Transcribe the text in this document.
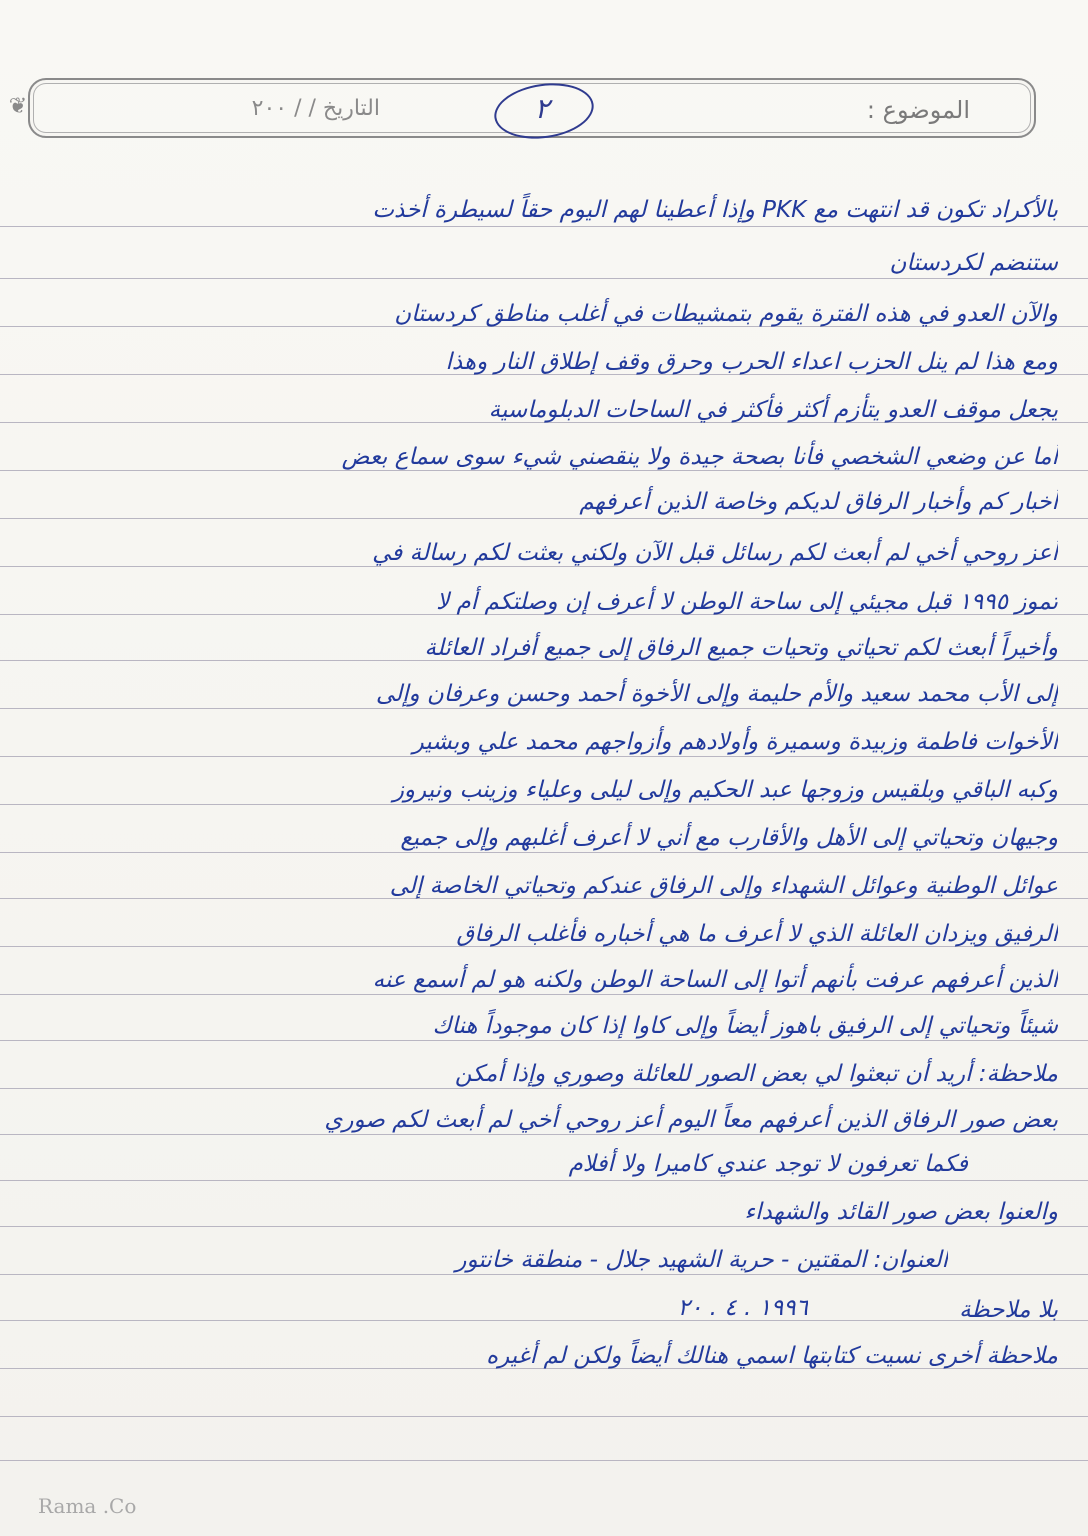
❦	الموضوع :
التاريخ / / ٢٠٠	٢
بالأكراد تكون قد انتهت مع PKK وإذا أعطينا لهم اليوم حقاً لسيطرة أخذت
ستنضم لكردستان
والآن العدو في هذه الفترة يقوم بتمشيطات في أغلب مناطق كردستان
ومع هذا لم ينل الحزب اعداء الحرب وحرق وقف إطلاق النار وهذا
يجعل موقف العدو يتأزم أكثر فأكثر في الساحات الدبلوماسية
أما عن وضعي الشخصي فأنا بصحة جيدة ولا ينقصني شيء سوى سماع بعض
أخبار كم وأخبار الرفاق لديكم وخاصة الذين أعرفهم
أعز روحي أخي لم أبعث لكم رسائل قبل الآن ولكني بعثت لكم رسالة في
تموز ١٩٩٥ قبل مجيئي إلى ساحة الوطن لا أعرف إن وصلتكم أم لا
وأخيراً أبعث لكم تحياتي وتحيات جميع الرفاق إلى جميع أفراد العائلة
إلى الأب محمد سعيد والأم حليمة وإلى الأخوة أحمد وحسن وعرفان وإلى
الأخوات فاطمة وزبيدة وسميرة وأولادهم وأزواجهم محمد علي وبشير
وكبه الباقي وبلقيس وزوجها عبد الحكيم وإلى ليلى وعلياء وزينب ونيروز
وجيهان وتحياتي إلى الأهل والأقارب مع أني لا أعرف أغلبهم وإلى جميع
عوائل الوطنية وعوائل الشهداء وإلى الرفاق عندكم وتحياتي الخاصة إلى
الرفيق ويزدان العائلة الذي لا أعرف ما هي أخباره فأغلب الرفاق
الذين أعرفهم عرفت بأنهم أتوا إلى الساحة الوطن ولكنه هو لم أسمع عنه
شيئاً وتحياتي إلى الرفيق باهوز أيضاً وإلى كاوا إذا كان موجوداً هناك
ملاحظة: أريد أن تبعثوا لي بعض الصور للعائلة وصوري وإذا أمكن
بعض صور الرفاق الذين أعرفهم معاً اليوم أعز روحي أخي لم أبعث لكم صوري
فكما تعرفون لا توجد عندي كاميرا ولا أفلام
والعنوا بعض صور القائد والشهداء
العنوان: المقتين - حرية الشهيد جلال - منطقة خانتور
١٩٩٦ . ٤ . ٢٠
ملاحظة أخرى نسيت كتابتها اسمي هنالك أيضاً ولكن لم أغيره
بلا ملاحظة
Rama .Co
